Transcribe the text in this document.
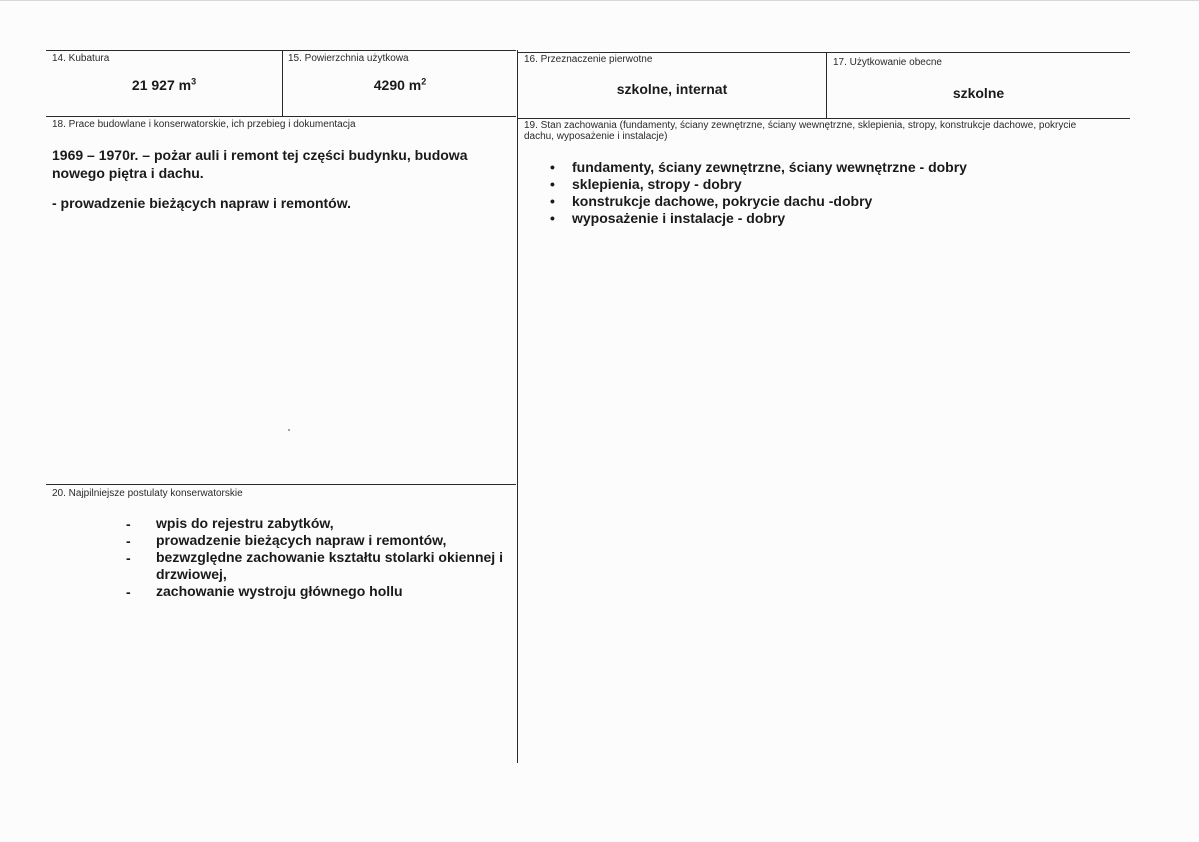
14. Kubatura
21 927 $m^3$
15. Powierzchnia użytkowa
4290 $m^2$
16. Przeznaczenie pierwotne
szkolne, internat
17. Użytkowanie obecne
szkolne
18. Prace budowlane i konserwatorskie, ich przebieg i dokumentacja
1969 – 1970r. – pożar auli i remont tej części budynku, budowa nowego piętra i dachu.
- prowadzenie bieżących napraw i remontów.
19. Stan zachowania (fundamenty, ściany zewnętrzne, ściany wewnętrzne, sklepienia, stropy, konstrukcje dachowe, pokrycie dachu, wyposażenie i instalacje)
• fundamenty, ściany zewnętrzne, ściany wewnętrzne - dobry
• sklepienia, stropy - dobry
• konstrukcje dachowe, pokrycie dachu -dobry
• wyposażenie i instalacje - dobry
20. Najpilniejsze postulaty konserwatorskie
- wpis do rejestru zabytków,
- prowadzenie bieżących napraw i remontów,
- bezwzględne zachowanie kształtu stolarki okiennej i drzwiowej,
- zachowanie wystroju głównego hollu
